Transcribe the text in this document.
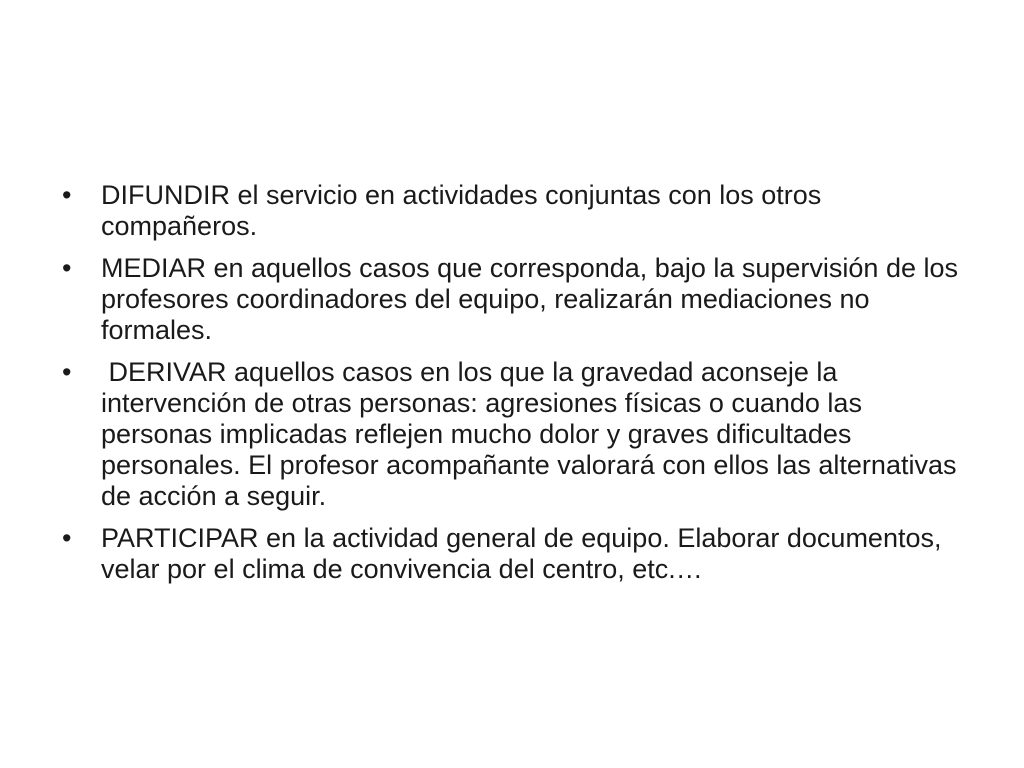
•	DIFUNDIR el servicio en actividades conjuntas con los otros compañeros.
•	MEDIAR en aquellos casos que corresponda, bajo la supervisión de los profesores coordinadores del equipo, realizarán mediaciones no formales.
•	DERIVAR aquellos casos en los que la gravedad aconseje la intervención de otras personas: agresiones físicas o cuando las personas implicadas reflejen mucho dolor y graves dificultades personales. El profesor acompañante valorará con ellos las alternativas de acción a seguir.
•	PARTICIPAR en la actividad general de equipo. Elaborar documentos, velar por el clima de convivencia del centro, etc.…
